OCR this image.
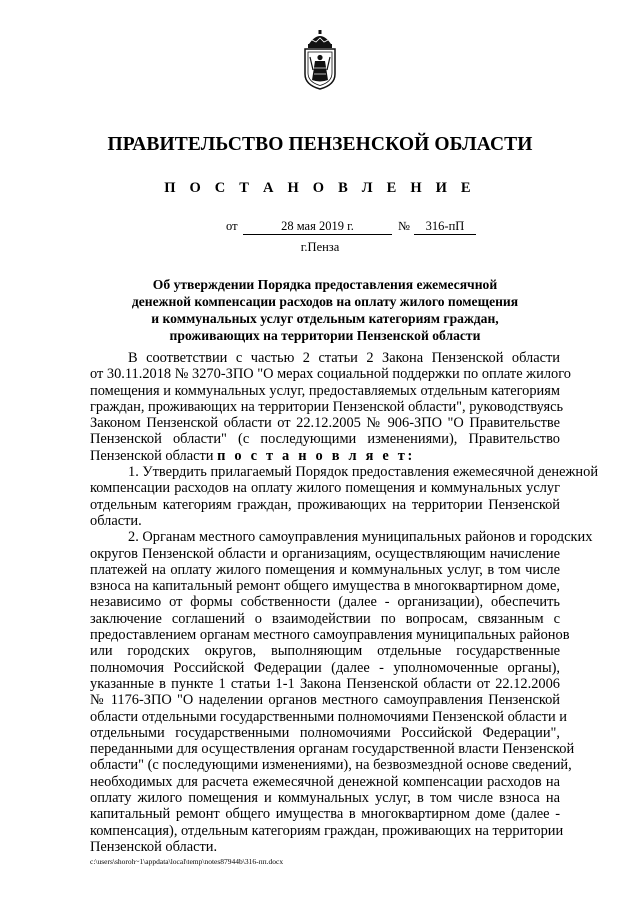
ПРАВИТЕЛЬСТВО ПЕНЗЕНСКОЙ ОБЛАСТИ
П О С Т А Н О В Л Е Н И Е
от	28 мая 2019 г.	№	316-пП
г.Пенза
Об утверждении Порядка предоставления ежемесячной
денежной компенсации расходов на оплату жилого помещения
и коммунальных услуг отдельным категориям граждан,
проживающих на территории Пензенской области
В соответствии с частью 2 статьи 2 Закона Пензенской области
от 30.11.2018 № 3270-ЗПО "О мерах социальной поддержки по оплате жилого
помещения и коммунальных услуг, предоставляемых отдельным категориям
граждан, проживающих на территории Пензенской области", руководствуясь
Законом Пензенской области от 22.12.2005 № 906-ЗПО "О Правительстве
Пензенской области" (с последующими изменениями), Правительство
Пензенской области п о с т а н о в л я е т:
1. Утвердить прилагаемый Порядок предоставления ежемесячной денежной
компенсации расходов на оплату жилого помещения и коммунальных услуг
отдельным категориям граждан, проживающих на территории Пензенской
области.
2. Органам местного самоуправления муниципальных районов и городских
округов Пензенской области и организациям, осуществляющим начисление
платежей на оплату жилого помещения и коммунальных услуг, в том числе
взноса на капитальный ремонт общего имущества в многоквартирном доме,
независимо от формы собственности (далее - организации), обеспечить
заключение соглашений о взаимодействии по вопросам, связанным с
предоставлением органам местного самоуправления муниципальных районов
или городских округов, выполняющим отдельные государственные
полномочия Российской Федерации (далее - уполномоченные органы),
указанные в пункте 1 статьи 1-1 Закона Пензенской области от 22.12.2006
№ 1176-ЗПО "О наделении органов местного самоуправления Пензенской
области отдельными государственными полномочиями Пензенской области и
отдельными государственными полномочиями Российской Федерации",
переданными для осуществления органам государственной власти Пензенской
области" (с последующими изменениями), на безвозмездной основе сведений,
необходимых для расчета ежемесячной денежной компенсации расходов на
оплату жилого помещения и коммунальных услуг, в том числе взноса на
капитальный ремонт общего имущества в многоквартирном доме (далее -
компенсация), отдельным категориям граждан, проживающих на территории
Пензенской области.
c:\users\shoroh~1\appdata\local\temp\notes87944b\316-пп.docx
